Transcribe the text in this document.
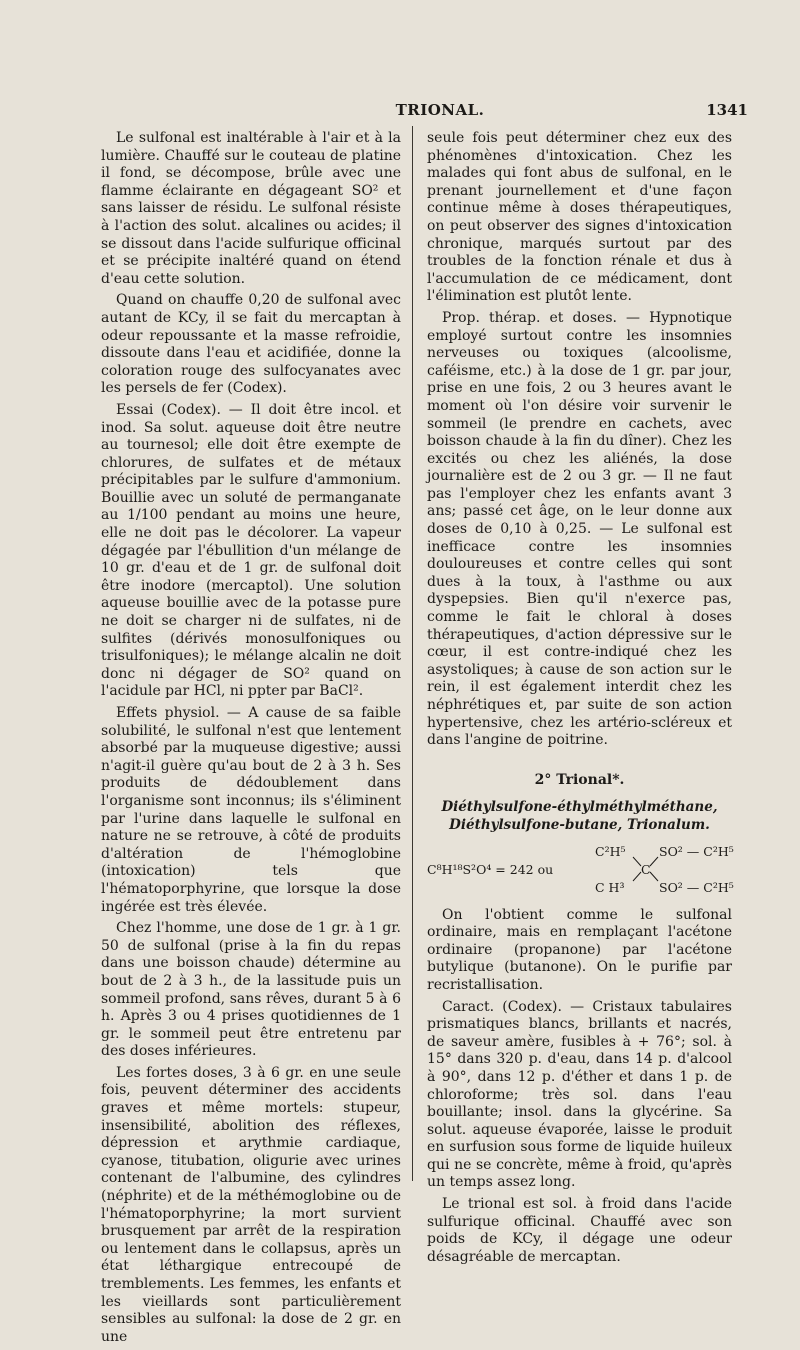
TRIONAL.	1341

Le sulfonal est inaltérable à l'air et à la lumière. Chauffé sur le couteau de platine il fond, se décompose, brûle avec une flamme éclairante en dégageant SO² et sans laisser de résidu. Le sulfonal résiste à l'action des solut. alcalines ou acides; il se dissout dans l'acide sulfurique officinal et se précipite inaltéré quand on étend d'eau cette solution.

Quand on chauffe 0,20 de sulfonal avec autant de KCy, il se fait du mercaptan à odeur repoussante et la masse refroidie, dissoute dans l'eau et acidifiée, donne la coloration rouge des sulfocyanates avec les persels de fer (Codex).

Essai (Codex). — Il doit être incol. et inod. Sa solut. aqueuse doit être neutre au tournesol; elle doit être exempte de chlorures, de sulfates et de métaux précipitables par le sulfure d'ammonium. Bouillie avec un soluté de permanganate au 1/100 pendant au moins une heure, elle ne doit pas le décolorer. La vapeur dégagée par l'ébullition d'un mélange de 10 gr. d'eau et de 1 gr. de sulfonal doit être inodore (mercaptol). Une solution aqueuse bouillie avec de la potasse pure ne doit se charger ni de sulfates, ni de sulfites (dérivés monosulfoniques ou trisulfoniques); le mélange alcalin ne doit donc ni dégager de SO² quand on l'acidule par HCl, ni ppter par BaCl².

Effets physiol. — A cause de sa faible solubilité, le sulfonal n'est que lentement absorbé par la muqueuse digestive; aussi n'agit-il guère qu'au bout de 2 à 3 h. Ses produits de dédoublement dans l'organisme sont inconnus; ils s'éliminent par l'urine dans laquelle le sulfonal en nature ne se retrouve, à côté de produits d'altération de l'hémoglobine (intoxication) tels que l'hématoporphyrine, que lorsque la dose ingérée est très élevée.

Chez l'homme, une dose de 1 gr. à 1 gr. 50 de sulfonal (prise à la fin du repas dans une boisson chaude) détermine au bout de 2 à 3 h., de la lassitude puis un sommeil profond, sans rêves, durant 5 à 6 h. Après 3 ou 4 prises quotidiennes de 1 gr. le sommeil peut être entretenu par des doses inférieures.

Les fortes doses, 3 à 6 gr. en une seule fois, peuvent déterminer des accidents graves et même mortels: stupeur, insensibilité, abolition des réflexes, dépression et arythmie cardiaque, cyanose, titubation, oligurie avec urines contenant de l'albumine, des cylindres (néphrite) et de la méthémoglobine ou de l'hématoporphyrine; la mort survient brusquement par arrêt de la respiration ou lentement dans le collapsus, après un état léthargique entrecoupé de tremblements. Les femmes, les enfants et les vieillards sont particulièrement sensibles au sulfonal: la dose de 2 gr. en une

seule fois peut déterminer chez eux des phénomènes d'intoxication. Chez les malades qui font abus de sulfonal, en le prenant journellement et d'une façon continue même à doses thérapeutiques, on peut observer des signes d'intoxication chronique, marqués surtout par des troubles de la fonction rénale et dus à l'accumulation de ce médicament, dont l'élimination est plutôt lente.

Prop. thérap. et doses. — Hypnotique employé surtout contre les insomnies nerveuses ou toxiques (alcoolisme, caféisme, etc.) à la dose de 1 gr. par jour, prise en une fois, 2 ou 3 heures avant le moment où l'on désire voir survenir le sommeil (le prendre en cachets, avec boisson chaude à la fin du dîner). Chez les excités ou chez les aliénés, la dose journalière est de 2 ou 3 gr. — Il ne faut pas l'employer chez les enfants avant 3 ans; passé cet âge, on le leur donne aux doses de 0,10 à 0,25. — Le sulfonal est inefficace contre les insomnies douloureuses et contre celles qui sont dues à la toux, à l'asthme ou aux dyspepsies. Bien qu'il n'exerce pas, comme le fait le chloral à doses thérapeutiques, d'action dépressive sur le cœur, il est contre-indiqué chez les asystoliques; à cause de son action sur le rein, il est également interdit chez les néphrétiques et, par suite de son action hypertensive, chez les artério-scléreux et dans l'angine de poitrine.

2° Trional*.

Diéthylsulfone-éthylméthylméthane, Diéthylsulfone-butane, Trionalum.

C⁸H¹⁸S²O⁴ = 242 ou
C²H⁵
C H³
C
SO² — C²H⁵
SO² — C²H⁵

On l'obtient comme le sulfonal ordinaire, mais en remplaçant l'acétone ordinaire (propanone) par l'acétone butylique (butanone). On le purifie par recristallisation.

Caract. (Codex). — Cristaux tabulaires prismatiques blancs, brillants et nacrés, de saveur amère, fusibles à + 76°; sol. à 15° dans 320 p. d'eau, dans 14 p. d'alcool à 90°, dans 12 p. d'éther et dans 1 p. de chloroforme; très sol. dans l'eau bouillante; insol. dans la glycérine. Sa solut. aqueuse évaporée, laisse le produit en surfusion sous forme de liquide huileux qui ne se concrète, même à froid, qu'après un temps assez long.

Le trional est sol. à froid dans l'acide sulfurique officinal. Chauffé avec son poids de KCy, il dégage une odeur désagréable de mercaptan.
